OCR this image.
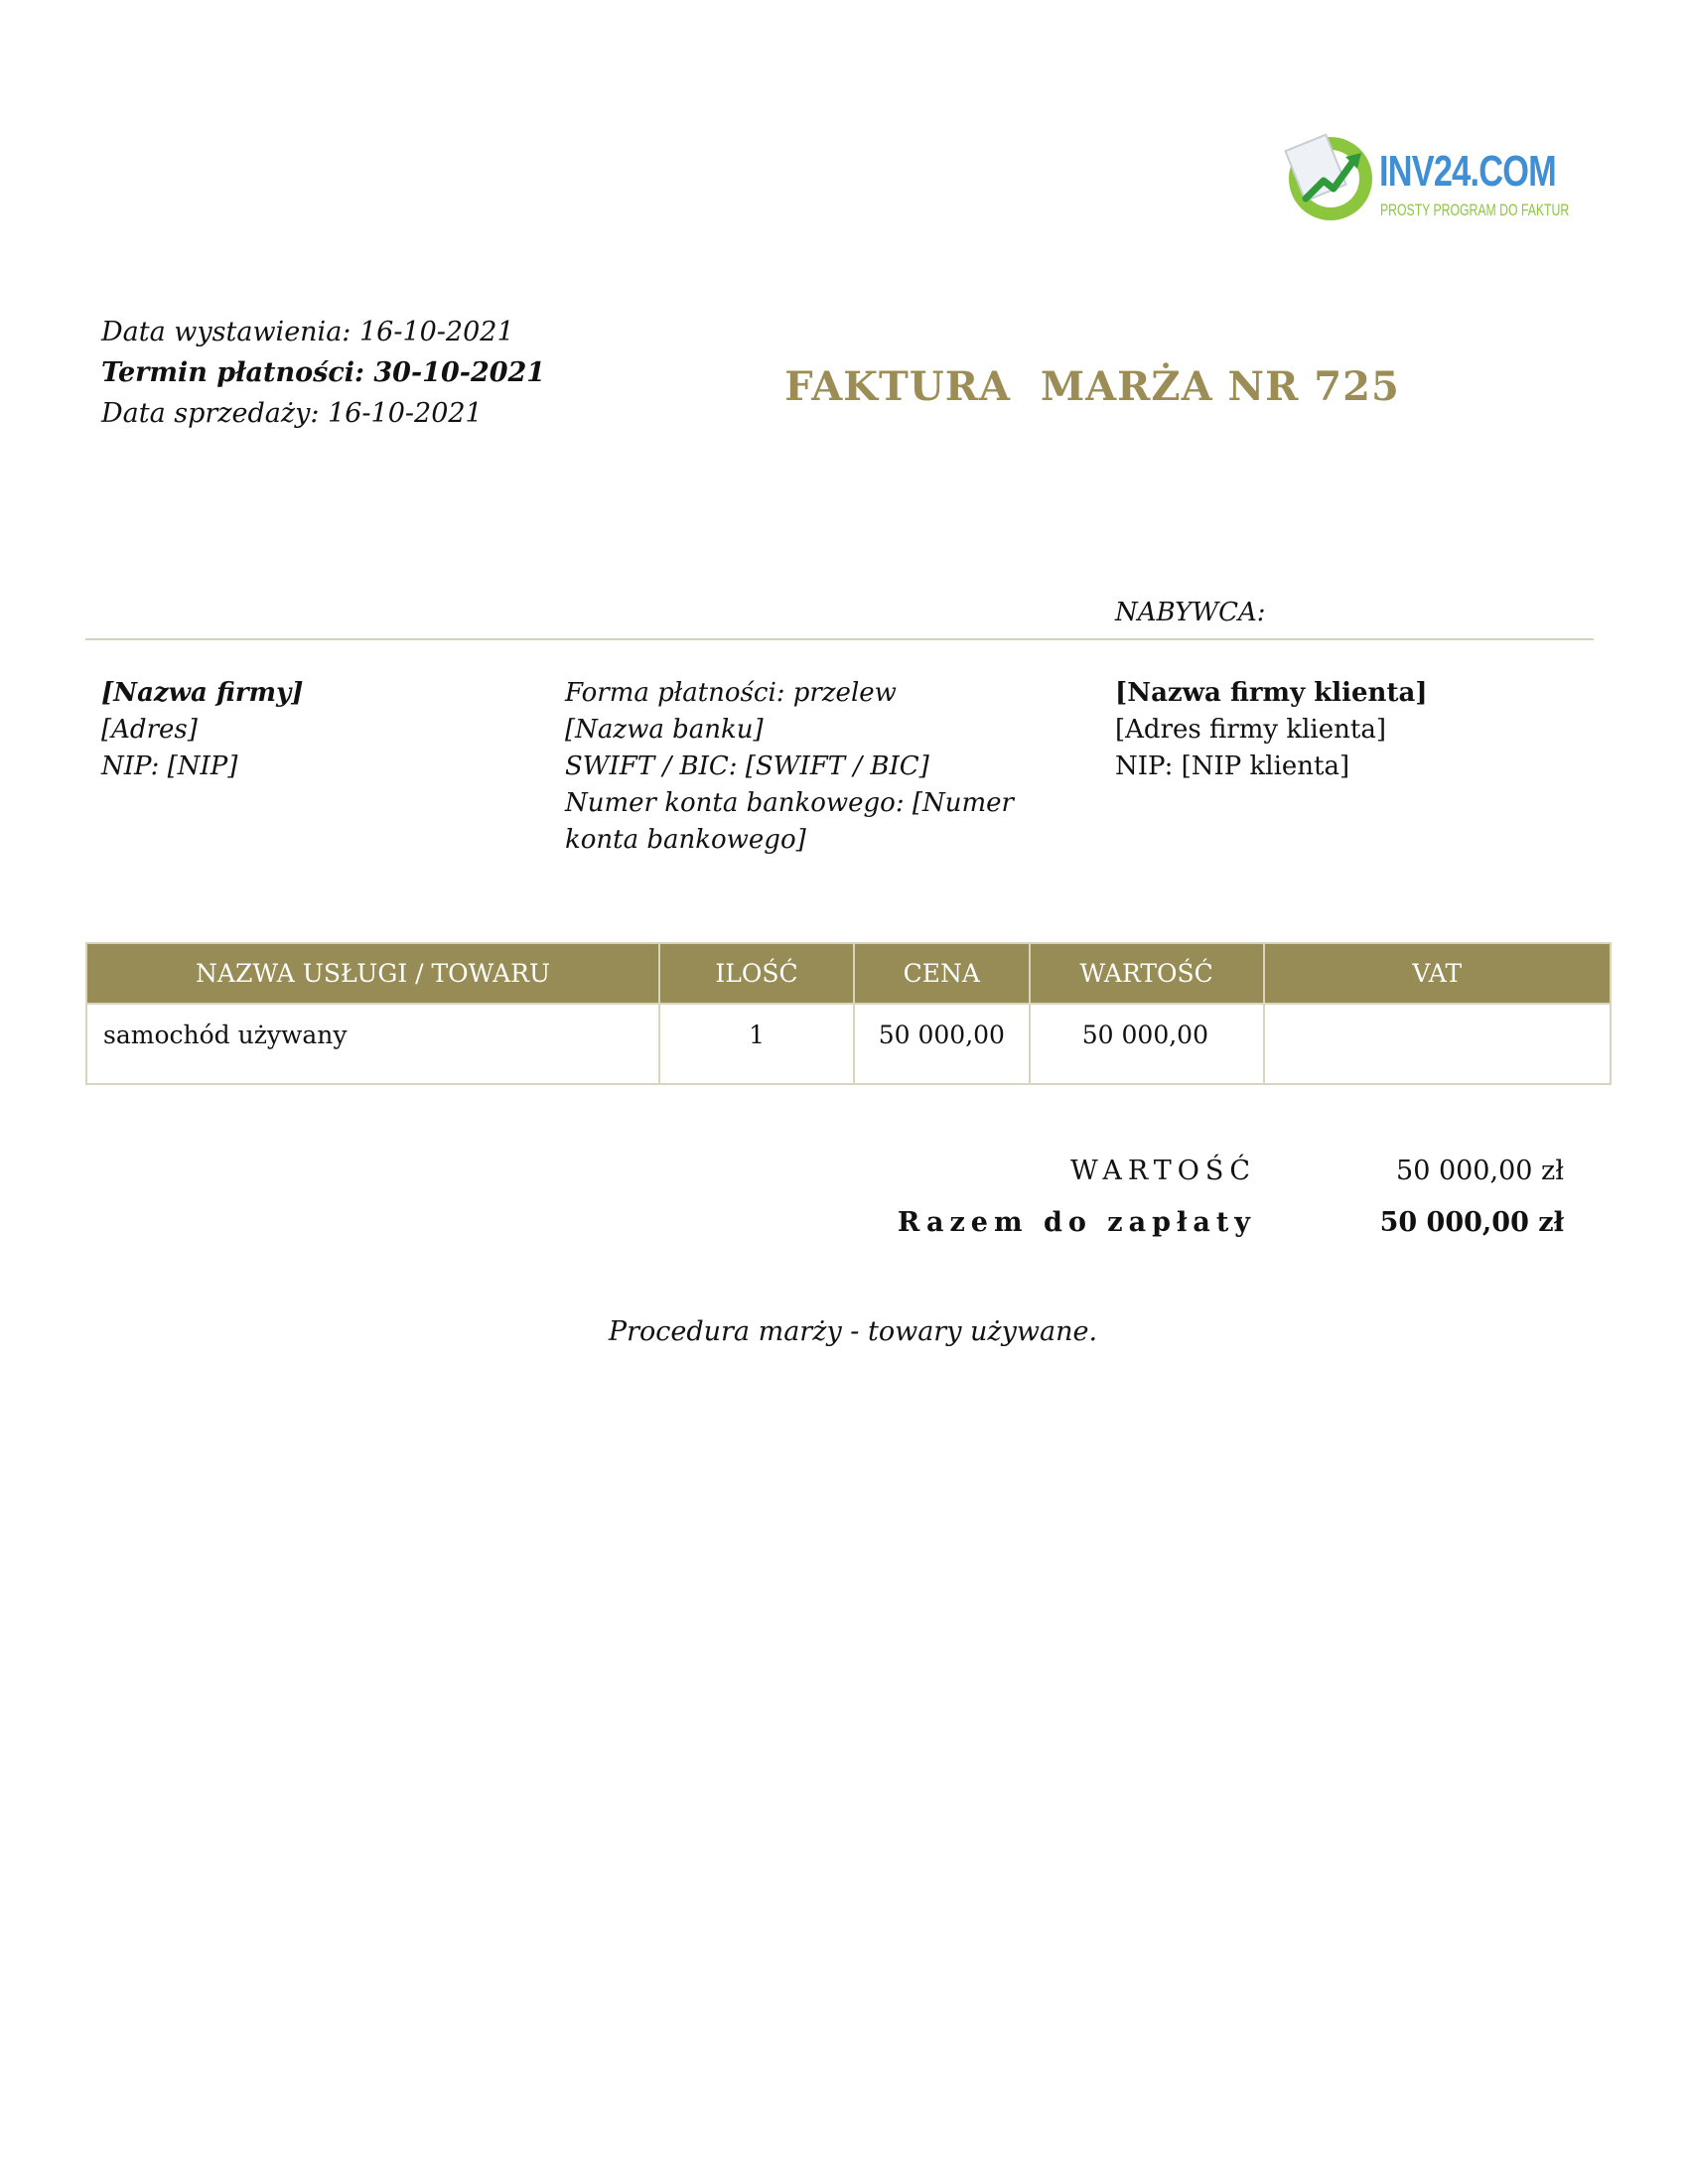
INV24.COM
PROSTY PROGRAM DO FAKTUR
Data wystawienia: 16-10-2021
Termin płatności: 30-10-2021
Data sprzedaży: 16-10-2021
FAKTURA  MARŻA NR 725
NABYWCA:
[Nazwa firmy]
[Adres]
NIP: [NIP]
Forma płatności: przelew
[Nazwa banku]
SWIFT / BIC: [SWIFT / BIC]
Numer konta bankowego: [Numer konta bankowego]
[Nazwa firmy klienta]
[Adres firmy klienta]
NIP: [NIP klienta]
NAZWA USŁUGI / TOWARU	ILOŚĆ	CENA	WARTOŚĆ	VAT
samochód używany	1	50 000,00	50 000,00	
WARTOŚĆ	50 000,00 zł
Razem do zapłaty	50 000,00 zł
Procedura marży - towary używane.
